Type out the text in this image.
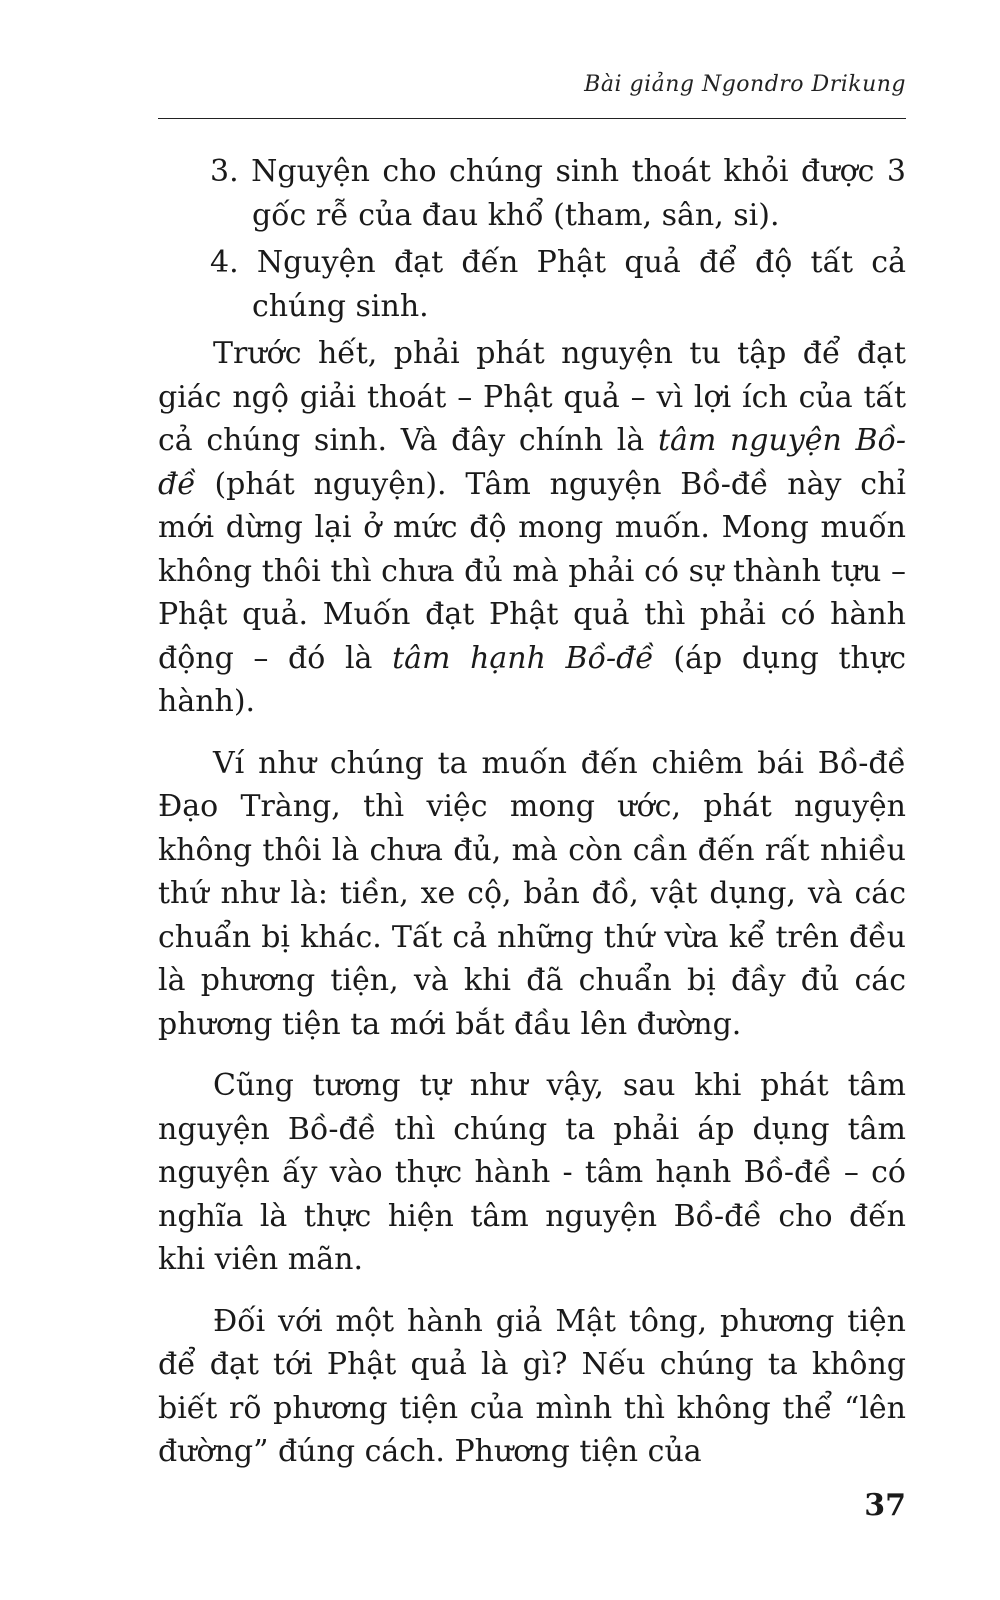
Bài giảng Ngondro Drikung
3. Nguyện cho chúng sinh thoát khỏi được 3 gốc rễ của đau khổ (tham, sân, si).
4. Nguyện đạt đến Phật quả để độ tất cả chúng sinh.

Trước hết, phải phát nguyện tu tập để đạt giác ngộ giải thoát – Phật quả – vì lợi ích của tất cả chúng sinh. Và đây chính là tâm nguyện Bồ-đề (phát nguyện). Tâm nguyện Bồ-đề này chỉ mới dừng lại ở mức độ mong muốn. Mong muốn không thôi thì chưa đủ mà phải có sự thành tựu – Phật quả. Muốn đạt Phật quả thì phải có hành động – đó là tâm hạnh Bồ-đề (áp dụng thực hành).

Ví như chúng ta muốn đến chiêm bái Bồ-đề Đạo Tràng, thì việc mong ước, phát nguyện không thôi là chưa đủ, mà còn cần đến rất nhiều thứ như là: tiền, xe cộ, bản đồ, vật dụng, và các chuẩn bị khác. Tất cả những thứ vừa kể trên đều là phương tiện, và khi đã chuẩn bị đầy đủ các phương tiện ta mới bắt đầu lên đường.

Cũng tương tự như vậy, sau khi phát tâm nguyện Bồ-đề thì chúng ta phải áp dụng tâm nguyện ấy vào thực hành - tâm hạnh Bồ-đề – có nghĩa là thực hiện tâm nguyện Bồ-đề cho đến khi viên mãn.

Đối với một hành giả Mật tông, phương tiện để đạt tới Phật quả là gì? Nếu chúng ta không biết rõ phương tiện của mình thì không thể “lên đường” đúng cách. Phương tiện của

37
